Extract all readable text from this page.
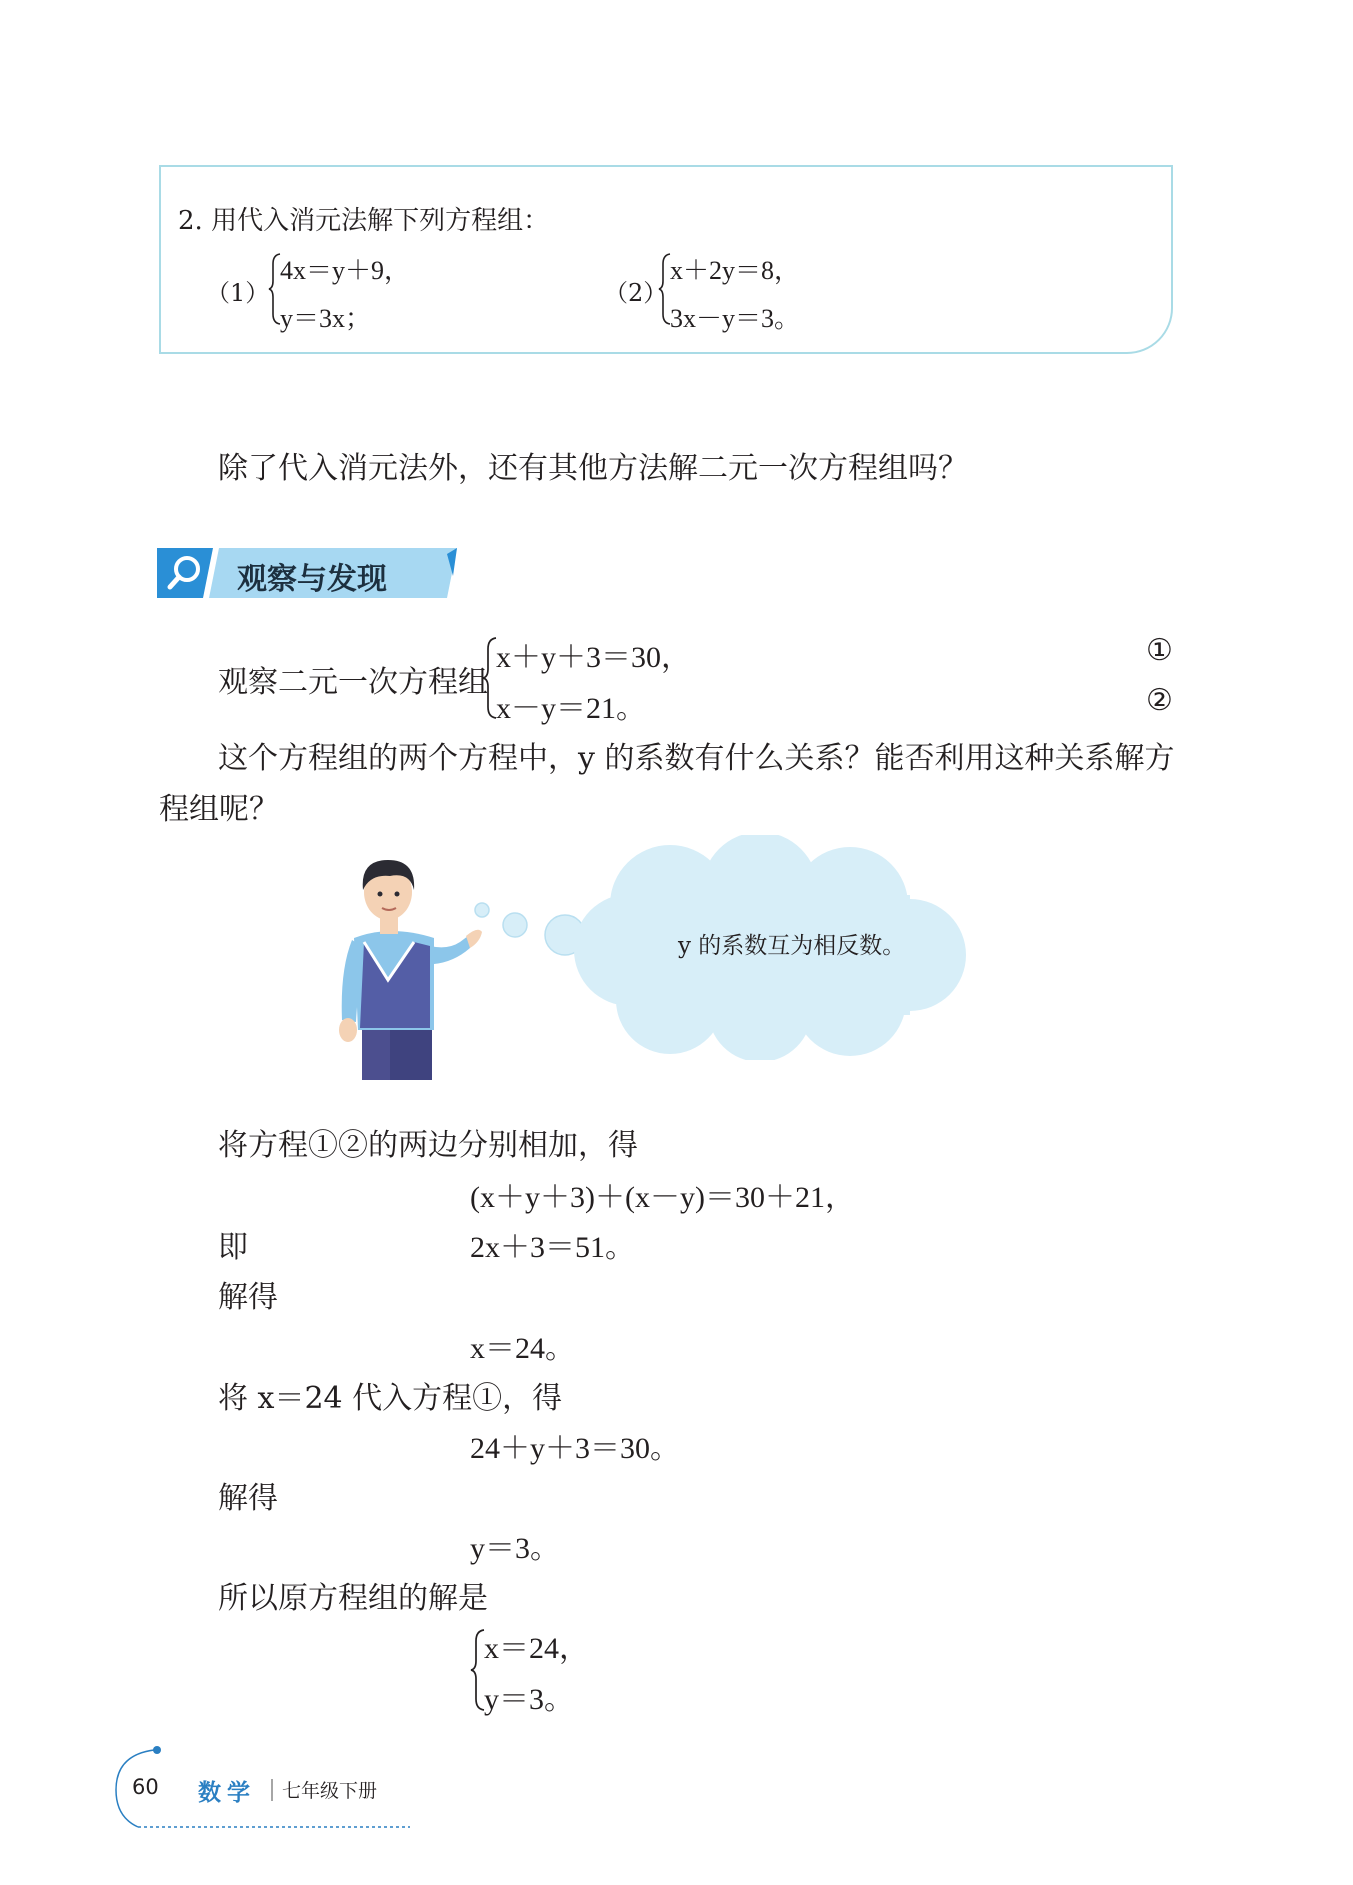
2. 用代入消元法解下列方程组：
（1）
4x＝y＋9，
y＝3x；
（2）
x＋2y＝8，
3x－y＝3。
除了代入消元法外，还有其他方法解二元一次方程组吗？
观察与发现
观察二元一次方程组
x＋y＋3＝30，
x－y＝21。
①
②
这个方程组的两个方程中，y 的系数有什么关系？能否利用这种关系解方
程组呢？
y 的系数互为相反数。
将方程①②的两边分别相加，得
(x＋y＋3)＋(x－y)＝30＋21，
即	2x＋3＝51。
解得
x＝24。
将 x＝24 代入方程①，得
24＋y＋3＝30。
解得
y＝3。
所以原方程组的解是
x＝24，
y＝3。
60 数学 七年级下册
